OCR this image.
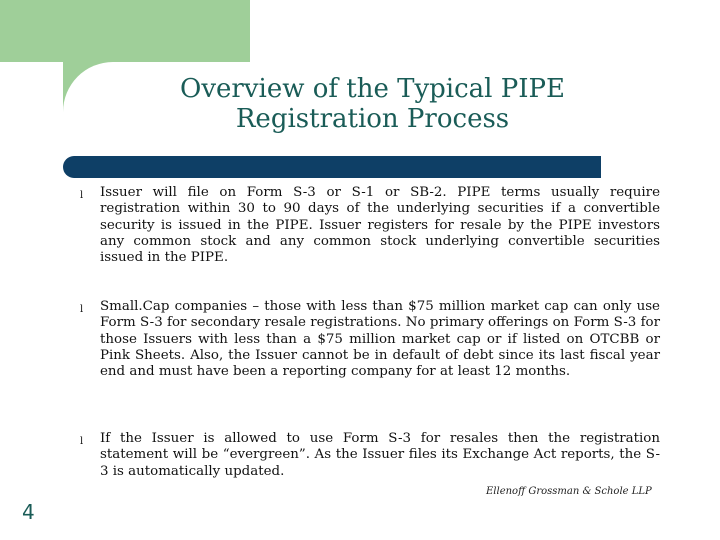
Overview of the Typical PIPE
Registration Process
l Issuer will file on Form S-3 or S-1 or SB-2. PIPE terms usually require registration within 30 to 90 days of the underlying securities if a convertible security is issued in the PIPE. Issuer registers for resale by the PIPE investors any common stock and any common stock underlying convertible securities issued in the PIPE.
l Small.Cap companies – those with less than $75 million market cap can only use Form S-3 for secondary resale registrations. No primary offerings on Form S-3 for those Issuers with less than a $75 million market cap or if listed on OTCBB or Pink Sheets. Also, the Issuer cannot be in default of debt since its last fiscal year end and must have been a reporting company for at least 12 months.
l If the Issuer is allowed to use Form S-3 for resales then the registration statement will be “evergreen”. As the Issuer files its Exchange Act reports, the S-3 is automatically updated.
Ellenoff Grossman & Schole LLP
4
